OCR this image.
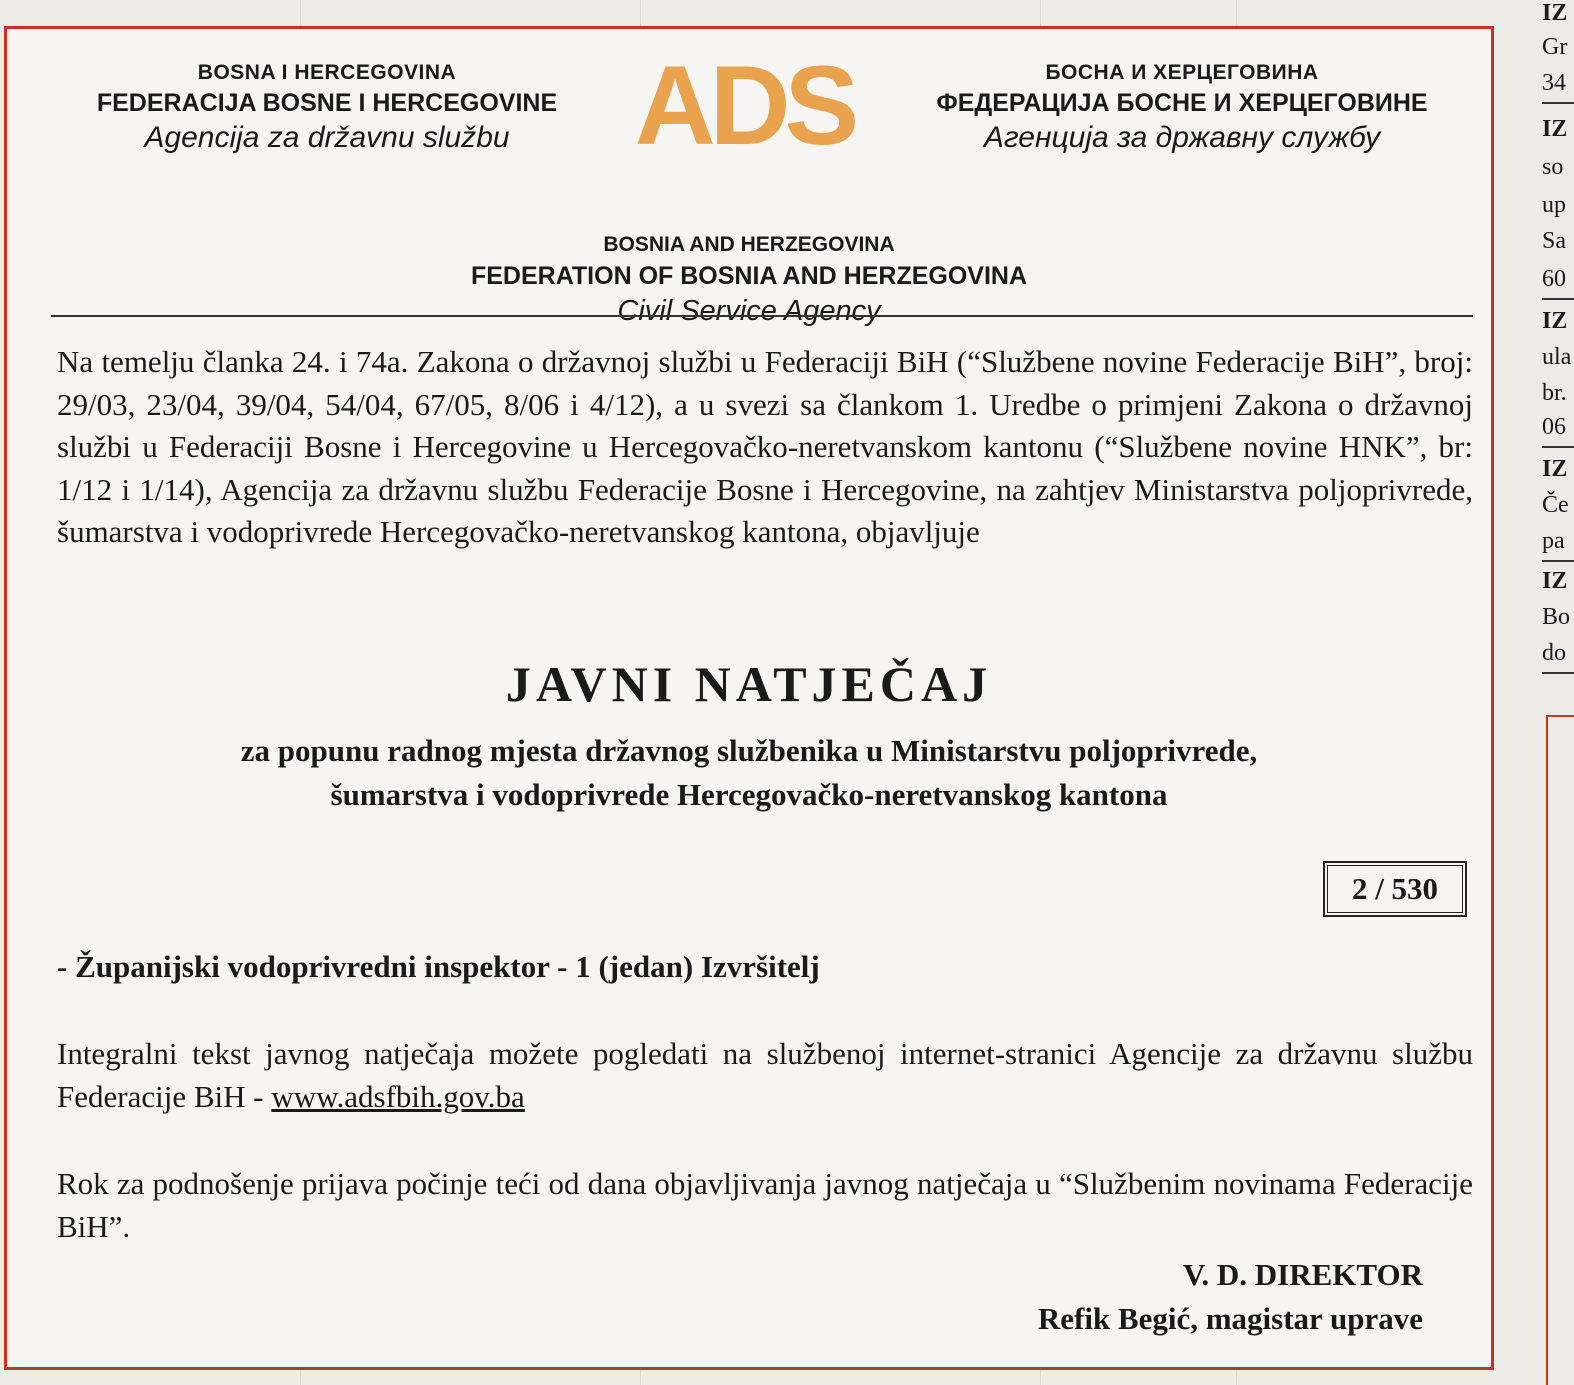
IZ
Gr
34
IZ
so
up
Sa
60
IZ
ula
br.
06
IZ
Če
pa
IZ
Bo
do
BOSNA I HERCEGOVINA
FEDERACIJA BOSNE I HERCEGOVINE
Agencija za državnu službu	ADS	БОСНА И ХЕРЦЕГОВИНА
ФЕДЕРАЦИЈА БОСНЕ И ХЕРЦЕГОВИНЕ
Агенција за државну службу
BOSNIA AND HERZEGOVINA
FEDERATION OF BOSNIA AND HERZEGOVINA
Civil Service Agency

Na temelju članka 24. i 74a. Zakona o državnoj službi u Federaciji BiH (“Službene novine Federacije BiH”, broj: 29/03, 23/04, 39/04, 54/04, 67/05, 8/06 i 4/12), a u svezi sa člankom 1. Uredbe o primjeni Zakona o državnoj službi u Federaciji Bosne i Hercegovine u Hercegovačko-neretvanskom kantonu (“Službene novine HNK”, br: 1/12 i 1/14), Agencija za državnu službu Federacije Bosne i Hercegovine, na zahtjev Ministarstva poljoprivrede, šumarstva i vodoprivrede Hercegovačko-neretvanskog kantona, objavljuje

JAVNI NATJEČAJ
za popunu radnog mjesta državnog službenika u Ministarstvu poljoprivrede,
šumarstva i vodoprivrede Hercegovačko-neretvanskog kantona
2 / 530
- Županijski vodoprivredni inspektor - 1 (jedan) Izvršitelj

Integralni tekst javnog natječaja možete pogledati na službenoj internet-stranici Agencije za državnu službu Federacije BiH - www.adsfbih.gov.ba

Rok za podnošenje prijava počinje teći od dana objavljivanja javnog natječaja u “Službenim novinama Federacije BiH”.

V. D. DIREKTOR
Refik Begić, magistar uprave
